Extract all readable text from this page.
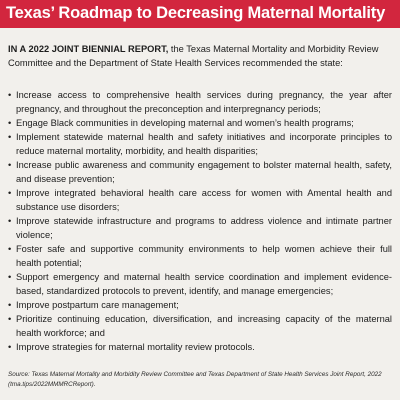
Texas’ Roadmap to Decreasing Maternal Mortality

IN A 2022 JOINT BIENNIAL REPORT, the Texas Maternal Mortality and Morbidity Review Committee and the Department of State Health Services recommended the state:

• Increase access to comprehensive health services during pregnancy, the year after pregnancy, and throughout the preconception and interpregnancy periods;
• Engage Black communities in developing maternal and women’s health programs;
• Implement statewide maternal health and safety initiatives and incorporate principles to reduce maternal mortality, morbidity, and health disparities;
• Increase public awareness and community engagement to bolster maternal health, safety, and disease prevention;
• Improve integrated behavioral health care access for women with Amental health and substance use disorders;
• Improve statewide infrastructure and programs to address violence and intimate partner violence;
• Foster safe and supportive community environments to help women achieve their full health potential;
• Support emergency and maternal health service coordination and implement evidence-based, standardized protocols to prevent, identify, and manage emergencies;
• Improve postpartum care management;
• Prioritize continuing education, diversification, and increasing capacity of the maternal health workforce; and
• Improve strategies for maternal mortality review protocols.

Source: Texas Maternal Mortality and Morbidity Review Committee and Texas Department of State Health Services Joint Report, 2022 (tma.tips/2022MMMRCReport).
